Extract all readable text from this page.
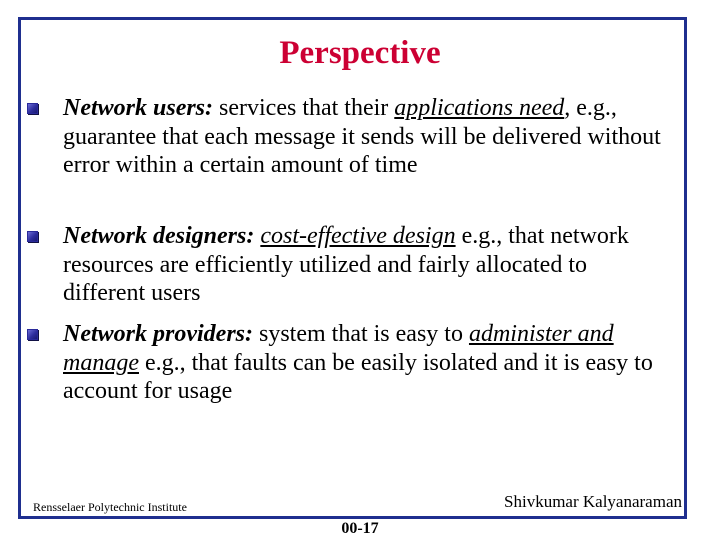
Perspective
Network users: services that their applications need, e.g., guarantee that each message it sends will be delivered without error within a certain amount of time
Network designers: cost-effective design e.g., that network resources are efficiently utilized and fairly allocated to different users
Network providers: system that is easy to administer and manage e.g., that faults can be easily isolated and it is easy to account for usage
Rensselaer Polytechnic Institute	Shivkumar Kalyanaraman
00-17
